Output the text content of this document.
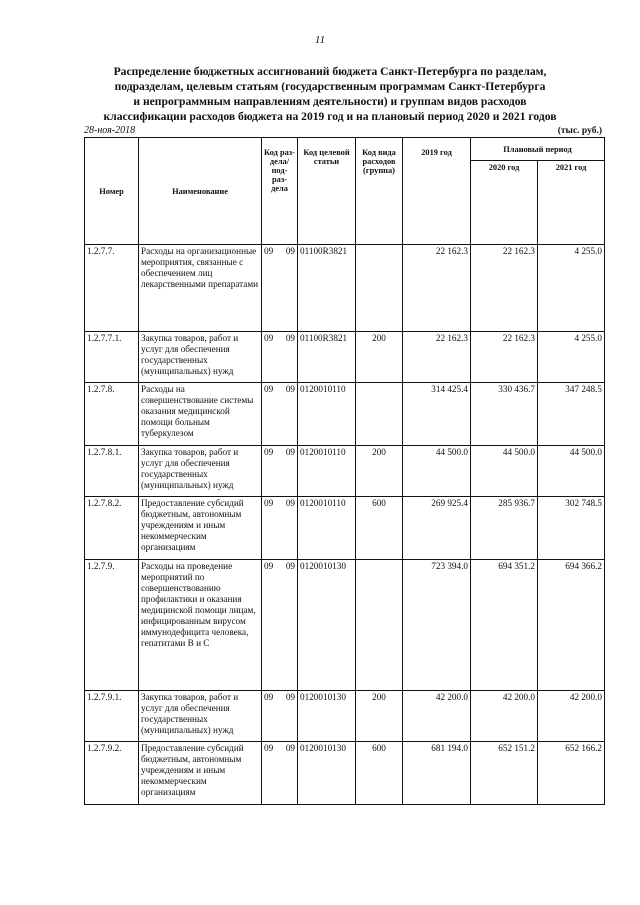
11
Распределение бюджетных ассигнований бюджета Санкт-Петербурга по разделам,
подразделам, целевым статьям (государственным программам Санкт-Петербурга
и непрограммным направлениям деятельности) и группам видов расходов
классификации расходов бюджета на 2019 год и на плановый период 2020 и 2021 годов
28-ноя-2018	(тыс. руб.)
Номер	Наименование	Код раз- дела/ под- раз- дела	Код целевой статьи	Код вида расходов (группа)	2019 год	Плановый период	
						2020 год	2021 год
1.2.7.7.	Расходы на организационные мероприятия, связанные с обеспечением лиц лекарственными препаратами	09 09	01100R3821		22 162.3	22 162.3	4 255.0
1.2.7.7.1.	Закупка товаров, работ и услуг для обеспечения государственных (муниципальных) нужд	09 09	01100R3821	200	22 162.3	22 162.3	4 255.0
1.2.7.8.	Расходы на совершенствование системы оказания медицинской помощи больным туберкулезом	09 09	0120010110		314 425.4	330 436.7	347 248.5
1.2.7.8.1.	Закупка товаров, работ и услуг для обеспечения государственных (муниципальных) нужд	09 09	0120010110	200	44 500.0	44 500.0	44 500.0
1.2.7.8.2.	Предоставление субсидий бюджетным, автономным учреждениям и иным некоммерческим организациям	09 09	0120010110	600	269 925.4	285 936.7	302 748.5
1.2.7.9.	Расходы на проведение мероприятий по совершенствованию профилактики и оказания медицинской помощи лицам, инфицированным вирусом иммунодефицита человека, гепатитами В и С	09 09	0120010130		723 394.0	694 351.2	694 366.2
1.2.7.9.1.	Закупка товаров, работ и услуг для обеспечения государственных (муниципальных) нужд	09 09	0120010130	200	42 200.0	42 200.0	42 200.0
1.2.7.9.2.	Предоставление субсидий бюджетным, автономным учреждениям и иным некоммерческим организациям	09 09	0120010130	600	681 194.0	652 151.2	652 166.2
